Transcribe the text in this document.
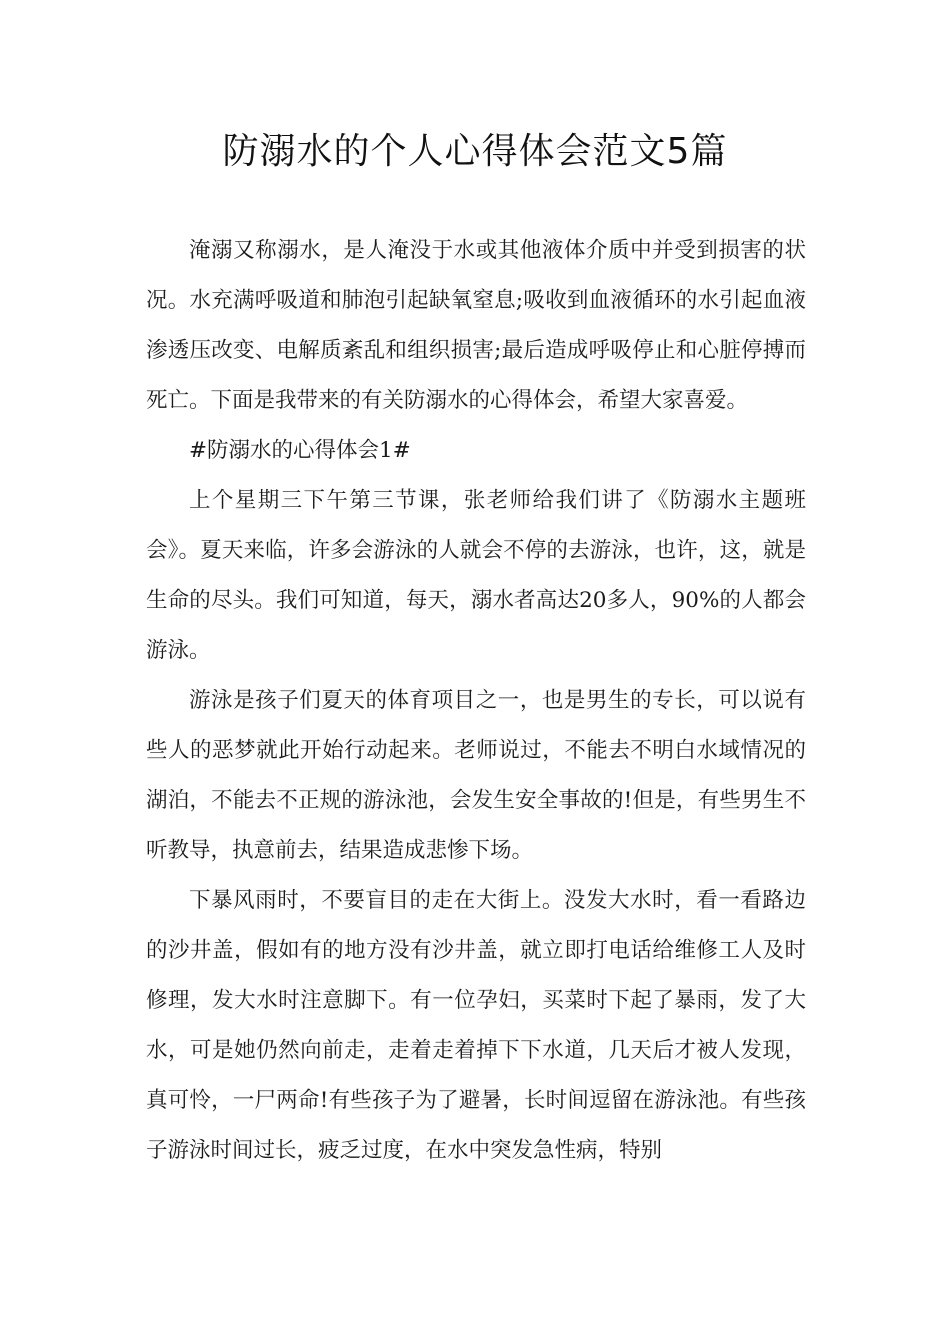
防溺水的个人心得体会范文5篇

淹溺又称溺水，是人淹没于水或其他液体介质中并受到损害的状况。水充满呼吸道和肺泡引起缺氧窒息;吸收到血液循环的水引起血液渗透压改变、电解质紊乱和组织损害;最后造成呼吸停止和心脏停搏而死亡。下面是我带来的有关防溺水的心得体会，希望大家喜爱。

#防溺水的心得体会1#

上个星期三下午第三节课，张老师给我们讲了《防溺水主题班会》。夏天来临，许多会游泳的人就会不停的去游泳，也许，这，就是生命的尽头。我们可知道，每天，溺水者高达20多人，90%的人都会游泳。

游泳是孩子们夏天的体育项目之一，也是男生的专长，可以说有些人的恶梦就此开始行动起来。老师说过，不能去不明白水域情况的湖泊，不能去不正规的游泳池，会发生安全事故的!但是，有些男生不听教导，执意前去，结果造成悲惨下场。

下暴风雨时，不要盲目的走在大街上。没发大水时，看一看路边的沙井盖，假如有的地方没有沙井盖，就立即打电话给维修工人及时修理，发大水时注意脚下。有一位孕妇，买菜时下起了暴雨，发了大水，可是她仍然向前走，走着走着掉下下水道，几天后才被人发现，真可怜，一尸两命!有些孩子为了避暑，长时间逗留在游泳池。有些孩子游泳时间过长，疲乏过度，在水中突发急性病，特别
